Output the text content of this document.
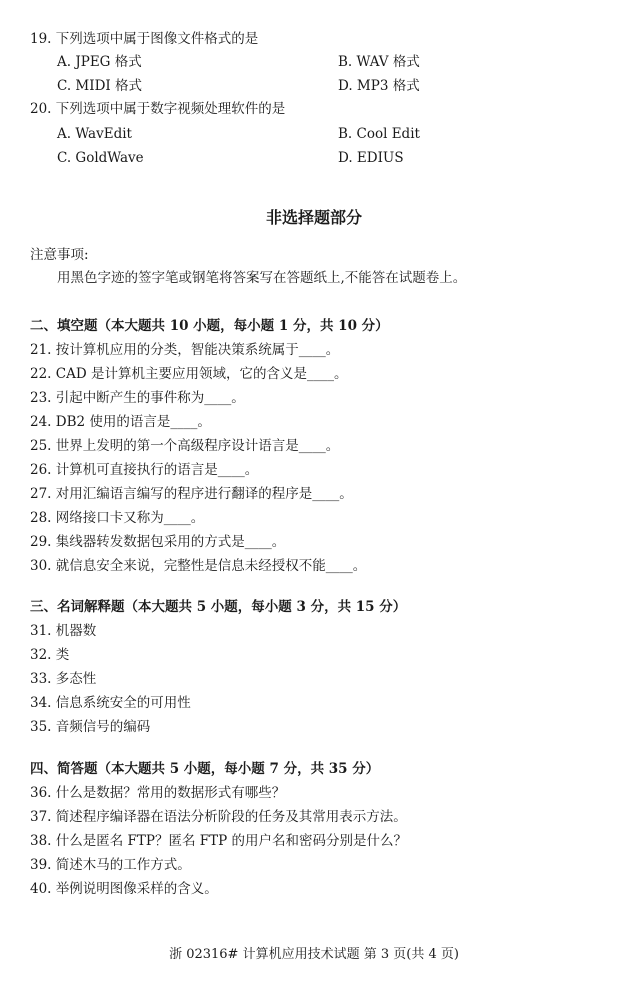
19. 下列选项中属于图像文件格式的是
A. JPEG 格式	B. WAV 格式
C. MIDI 格式	D. MP3 格式
20. 下列选项中属于数字视频处理软件的是
A. WavEdit	B. Cool Edit
C. GoldWave	D. EDIUS
非选择题部分
注意事项:
用黑色字迹的签字笔或钢笔将答案写在答题纸上,不能答在试题卷上。
二、填空题（本大题共 10 小题，每小题 1 分，共 10 分）
21. 按计算机应用的分类，智能决策系统属于____。
22. CAD 是计算机主要应用领域，它的含义是____。
23. 引起中断产生的事件称为____。
24. DB2 使用的语言是____。
25. 世界上发明的第一个高级程序设计语言是____。
26. 计算机可直接执行的语言是____。
27. 对用汇编语言编写的程序进行翻译的程序是____。
28. 网络接口卡又称为____。
29. 集线器转发数据包采用的方式是____。
30. 就信息安全来说，完整性是信息未经授权不能____。
三、名词解释题（本大题共 5 小题，每小题 3 分，共 15 分）
31. 机器数
32. 类
33. 多态性
34. 信息系统安全的可用性
35. 音频信号的编码
四、简答题（本大题共 5 小题，每小题 7 分，共 35 分）
36. 什么是数据？常用的数据形式有哪些？
37. 简述程序编译器在语法分析阶段的任务及其常用表示方法。
38. 什么是匿名 FTP？匿名 FTP 的用户名和密码分别是什么？
39. 简述木马的工作方式。
40. 举例说明图像采样的含义。
浙 02316# 计算机应用技术试题 第 3 页(共 4 页)
